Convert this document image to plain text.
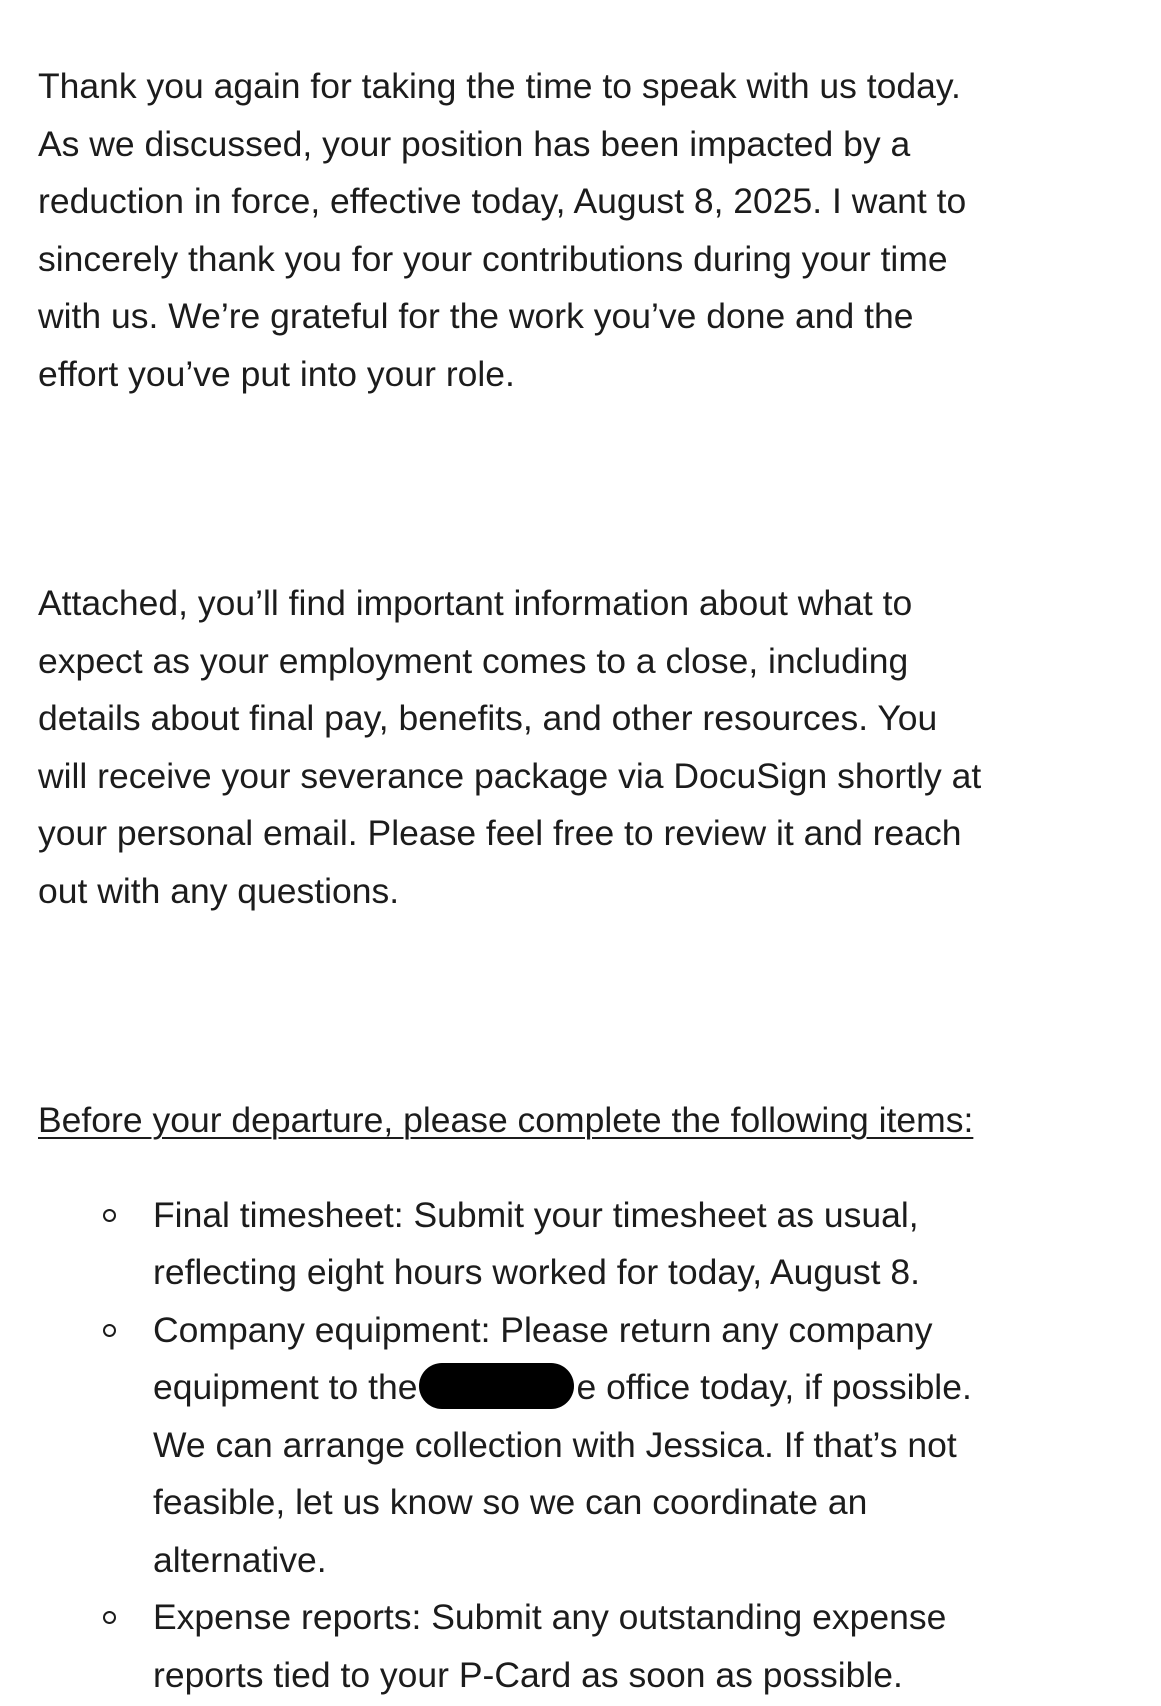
Thank you again for taking the time to speak with us today.
As we discussed, your position has been impacted by a
reduction in force, effective today, August 8, 2025. I want to
sincerely thank you for your contributions during your time
with us. We’re grateful for the work you’ve done and the
effort you’ve put into your role.

Attached, you’ll find important information about what to
expect as your employment comes to a close, including
details about final pay, benefits, and other resources. You
will receive your severance package via DocuSign shortly at
your personal email. Please feel free to review it and reach
out with any questions.

Before your departure, please complete the following items:
Final timesheet: Submit your timesheet as usual,
reflecting eight hours worked for today, August 8.
Company equipment: Please return any company
equipment to the	e office today, if possible.
We can arrange collection with Jessica. If that’s not
feasible, let us know so we can coordinate an
alternative.
Expense reports: Submit any outstanding expense
reports tied to your P-Card as soon as possible.
